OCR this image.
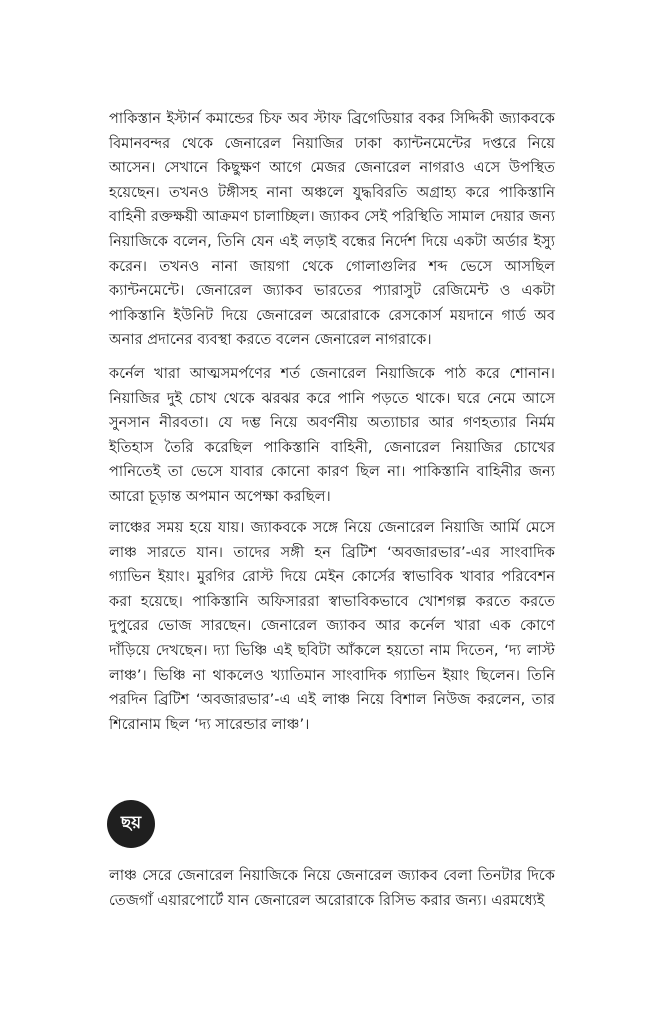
পাকিস্তান ইস্টার্ন কমান্ডের চিফ অব স্টাফ ব্রিগেডিয়ার বকর সিদ্দিকী জ্যাকবকে বিমানবন্দর থেকে জেনারেল নিয়াজির ঢাকা ক্যান্টনমেন্টের দপ্তরে নিয়ে আসেন। সেখানে কিছুক্ষণ আগে মেজর জেনারেল নাগরাও এসে উপস্থিত হয়েছেন। তখনও টঙ্গীসহ নানা অঞ্চলে যুদ্ধবিরতি অগ্রাহ্য করে পাকিস্তানি বাহিনী রক্তক্ষয়ী আক্রমণ চালাচ্ছিল। জ্যাকব সেই পরিস্থিতি সামাল দেয়ার জন্য নিয়াজিকে বলেন, তিনি যেন এই লড়াই বন্ধের নির্দেশ দিয়ে একটা অর্ডার ইস্যু করেন। তখনও নানা জায়গা থেকে গোলাগুলির শব্দ ভেসে আসছিল ক্যান্টনমেন্টে। জেনারেল জ্যাকব ভারতের প্যারাসুট রেজিমেন্ট ও একটা পাকিস্তানি ইউনিট দিয়ে জেনারেল অরোরাকে রেসকোর্স ময়দানে গার্ড অব অনার প্রদানের ব্যবস্থা করতে বলেন জেনারেল নাগরাকে।

কর্নেল খারা আত্মসমর্পণের শর্ত জেনারেল নিয়াজিকে পাঠ করে শোনান। নিয়াজির দুই চোখ থেকে ঝরঝর করে পানি পড়তে থাকে। ঘরে নেমে আসে সুনসান নীরবতা। যে দম্ভ নিয়ে অবর্ণনীয় অত্যাচার আর গণহত্যার নির্মম ইতিহাস তৈরি করেছিল পাকিস্তানি বাহিনী, জেনারেল নিয়াজির চোখের পানিতেই তা ভেসে যাবার কোনো কারণ ছিল না। পাকিস্তানি বাহিনীর জন্য আরো চূড়ান্ত অপমান অপেক্ষা করছিল।

লাঞ্চের সময় হয়ে যায়। জ্যাকবকে সঙ্গে নিয়ে জেনারেল নিয়াজি আর্মি মেসে লাঞ্চ সারতে যান। তাদের সঙ্গী হন ব্রিটিশ ‘অবজারভার’-এর সাংবাদিক গ্যাভিন ইয়াং। মুরগির রোস্ট দিয়ে মেইন কোর্সের স্বাভাবিক খাবার পরিবেশন করা হয়েছে। পাকিস্তানি অফিসাররা স্বাভাবিকভাবে খোশগল্প করতে করতে দুপুরের ভোজ সারছেন। জেনারেল জ্যাকব আর কর্নেল খারা এক কোণে দাঁড়িয়ে দেখছেন। দ্যা ভিঞ্চি এই ছবিটা আঁকলে হয়তো নাম দিতেন, ‘দ্য লাস্ট লাঞ্চ’। ভিঞ্চি না থাকলেও খ্যাতিমান সাংবাদিক গ্যাভিন ইয়াং ছিলেন। তিনি পরদিন ব্রিটিশ ‘অবজারভার’-এ এই লাঞ্চ নিয়ে বিশাল নিউজ করলেন, তার শিরোনাম ছিল ‘দ্য সারেন্ডার লাঞ্চ’।

ছয়

লাঞ্চ সেরে জেনারেল নিয়াজিকে নিয়ে জেনারেল জ্যাকব বেলা তিনটার দিকে তেজগাঁ এয়ারপোর্টে যান জেনারেল অরোরাকে রিসিভ করার জন্য। এরমধ্যেই
